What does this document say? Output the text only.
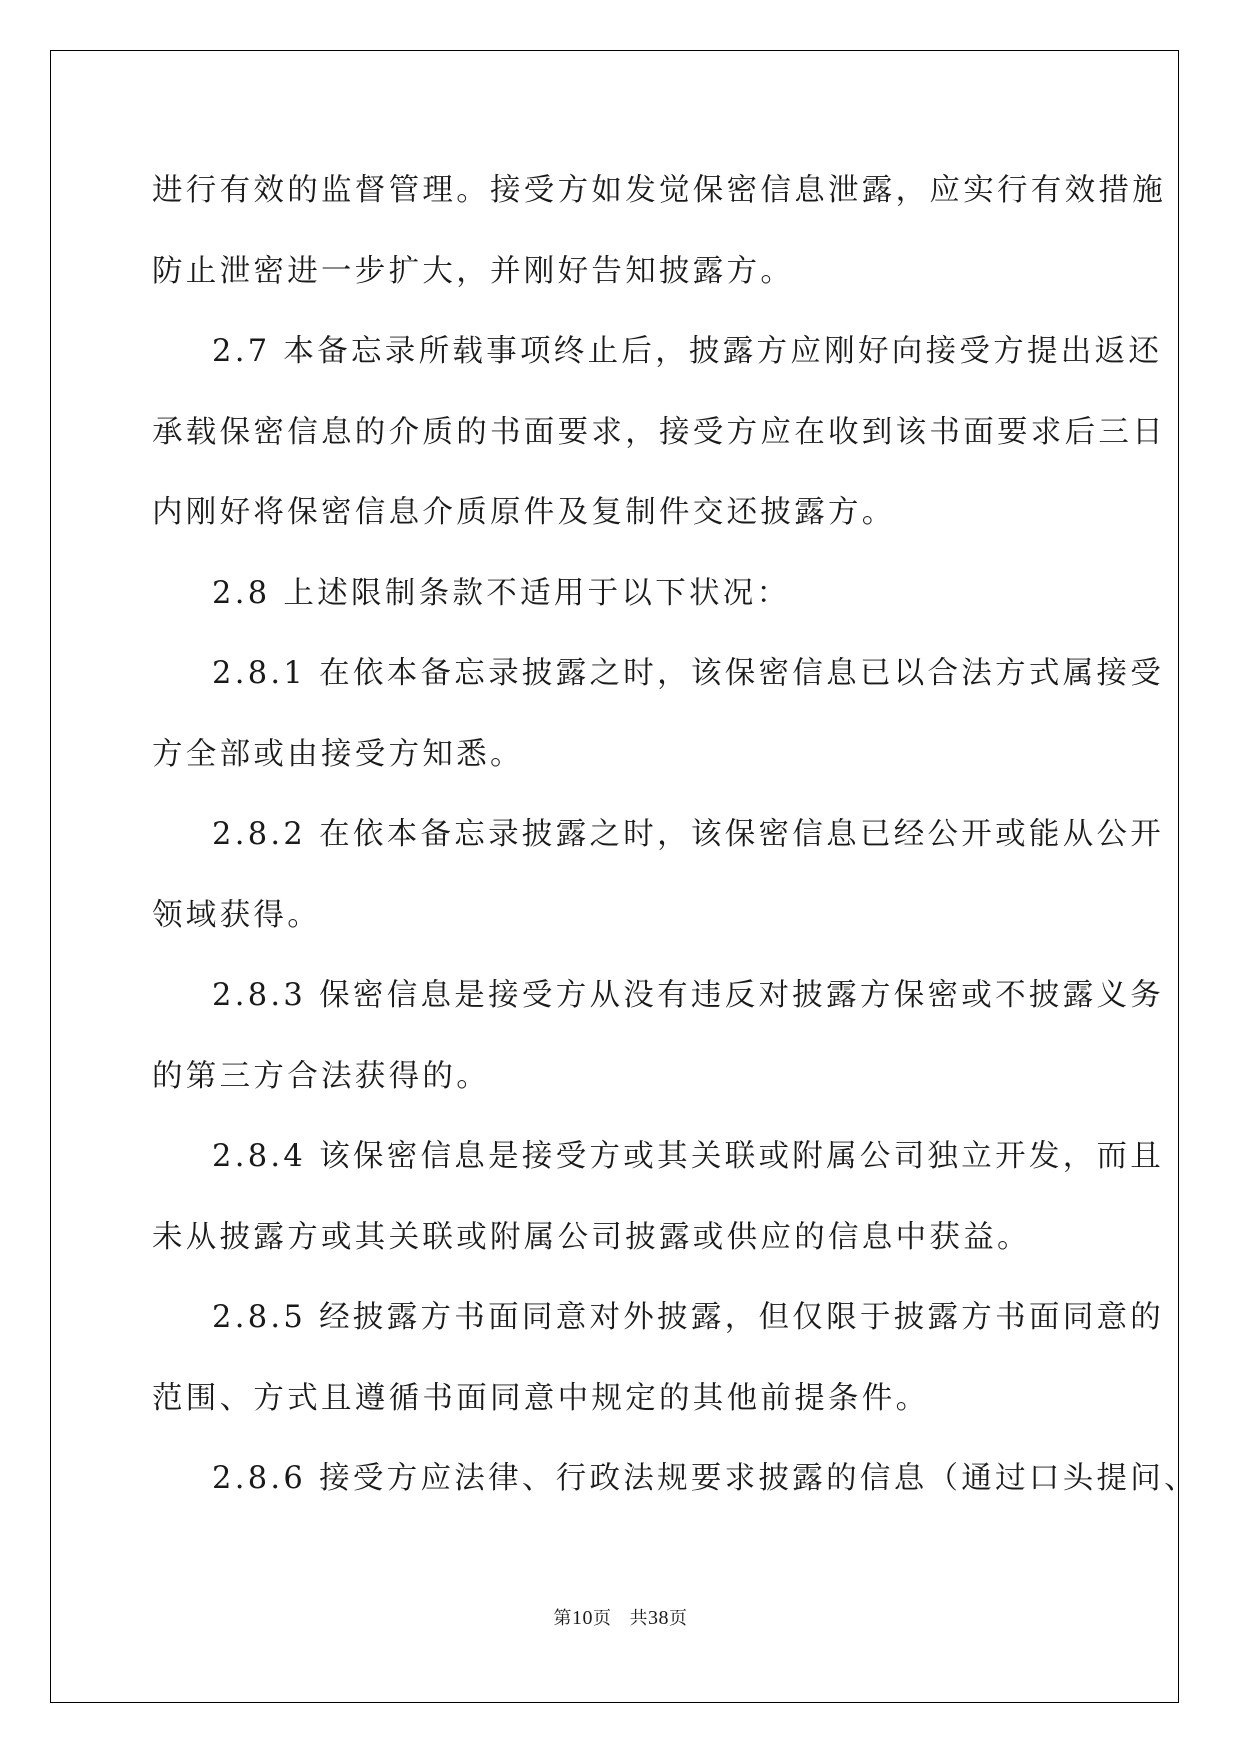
进行有效的监督管理。接受方如发觉保密信息泄露，应实行有效措施
防止泄密进一步扩大，并刚好告知披露方。
2.7 本备忘录所载事项终止后，披露方应刚好向接受方提出返还
承载保密信息的介质的书面要求，接受方应在收到该书面要求后三日
内刚好将保密信息介质原件及复制件交还披露方。
2.8 上述限制条款不适用于以下状况：
2.8.1 在依本备忘录披露之时，该保密信息已以合法方式属接受
方全部或由接受方知悉。
2.8.2 在依本备忘录披露之时，该保密信息已经公开或能从公开
领域获得。
2.8.3 保密信息是接受方从没有违反对披露方保密或不披露义务
的第三方合法获得的。
2.8.4 该保密信息是接受方或其关联或附属公司独立开发，而且
未从披露方或其关联或附属公司披露或供应的信息中获益。
2.8.5 经披露方书面同意对外披露，但仅限于披露方书面同意的
范围、方式且遵循书面同意中规定的其他前提条件。
2.8.6 接受方应法律、行政法规要求披露的信息（通过口头提问、
第10页 共38页
